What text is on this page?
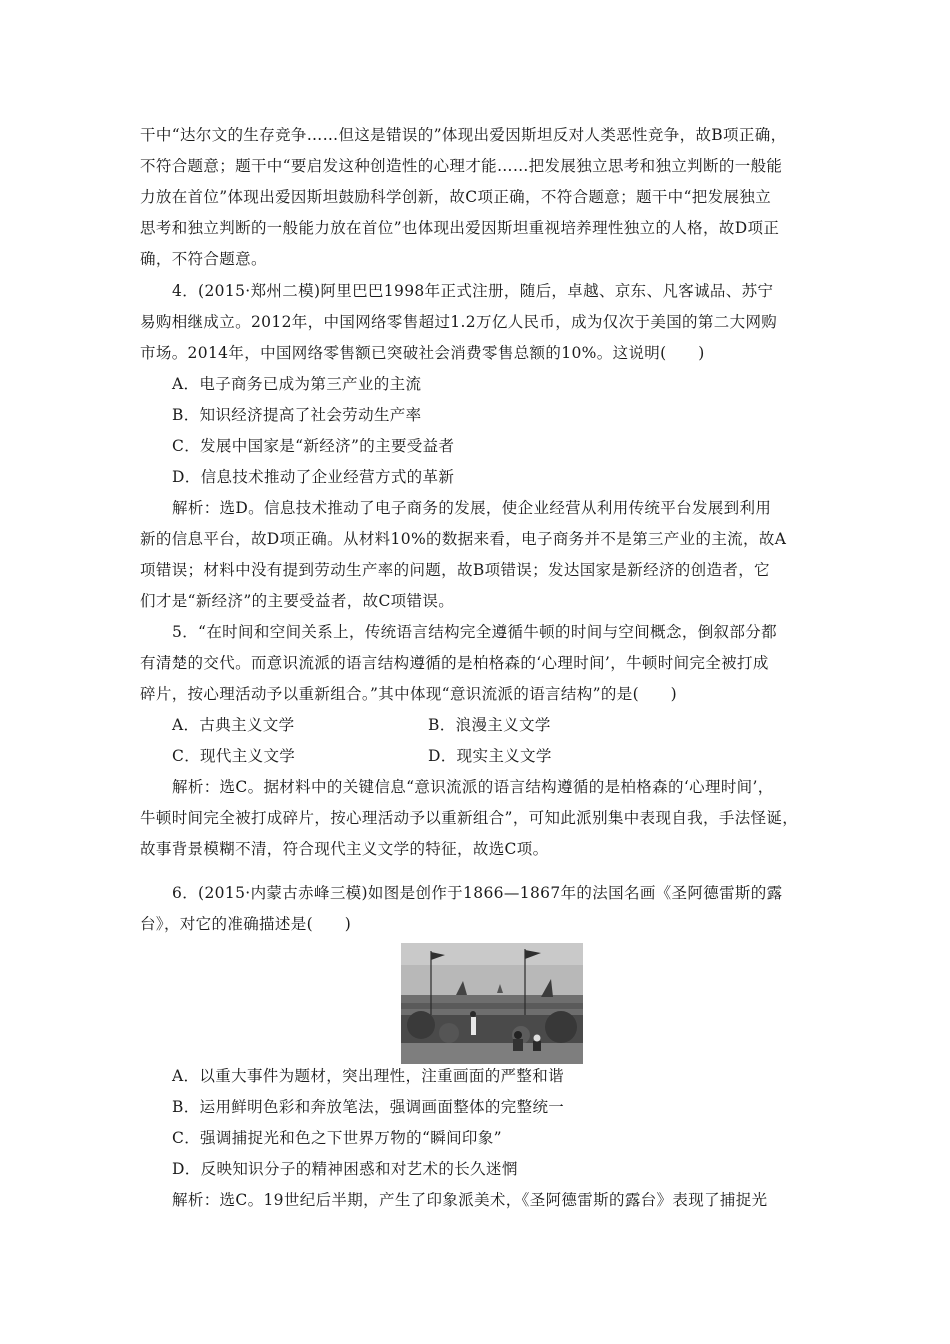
干中“达尔文的生存竞争……但这是错误的”体现出爱因斯坦反对人类恶性竞争，故B项正确，
不符合题意；题干中“要启发这种创造性的心理才能……把发展独立思考和独立判断的一般能
力放在首位”体现出爱因斯坦鼓励科学创新，故C项正确，不符合题意；题干中“把发展独立
思考和独立判断的一般能力放在首位”也体现出爱因斯坦重视培养理性独立的人格，故D项正
确，不符合题意。
4．(2015·郑州二模)阿里巴巴1998年正式注册，随后，卓越、京东、凡客诚品、苏宁
易购相继成立。2012年，中国网络零售超过1.2万亿人民币，成为仅次于美国的第二大网购
市场。2014年，中国网络零售额已突破社会消费零售总额的10%。这说明(　　)
A．电子商务已成为第三产业的主流
B．知识经济提高了社会劳动生产率
C．发展中国家是“新经济”的主要受益者
D．信息技术推动了企业经营方式的革新
解析：选D。信息技术推动了电子商务的发展，使企业经营从利用传统平台发展到利用
新的信息平台，故D项正确。从材料10%的数据来看，电子商务并不是第三产业的主流，故A
项错误；材料中没有提到劳动生产率的问题，故B项错误；发达国家是新经济的创造者，它
们才是“新经济”的主要受益者，故C项错误。
5．“在时间和空间关系上，传统语言结构完全遵循牛顿的时间与空间概念，倒叙部分都
有清楚的交代。而意识流派的语言结构遵循的是柏格森的‘心理时间’，牛顿时间完全被打成
碎片，按心理活动予以重新组合。”其中体现“意识流派的语言结构”的是(　　)
A．古典主义文学	B．浪漫主义文学
C．现代主义文学	D．现实主义文学
解析：选C。据材料中的关键信息“意识流派的语言结构遵循的是柏格森的‘心理时间’，
牛顿时间完全被打成碎片，按心理活动予以重新组合”，可知此派别集中表现自我，手法怪诞，
故事背景模糊不清，符合现代主义文学的特征，故选C项。
6．(2015·内蒙古赤峰三模)如图是创作于1866—1867年的法国名画《圣阿德雷斯的露
台》，对它的准确描述是(　　)
A．以重大事件为题材，突出理性，注重画面的严整和谐
B．运用鲜明色彩和奔放笔法，强调画面整体的完整统一
C．强调捕捉光和色之下世界万物的“瞬间印象”
D．反映知识分子的精神困惑和对艺术的长久迷惘
解析：选C。19世纪后半期，产生了印象派美术，《圣阿德雷斯的露台》表现了捕捉光
